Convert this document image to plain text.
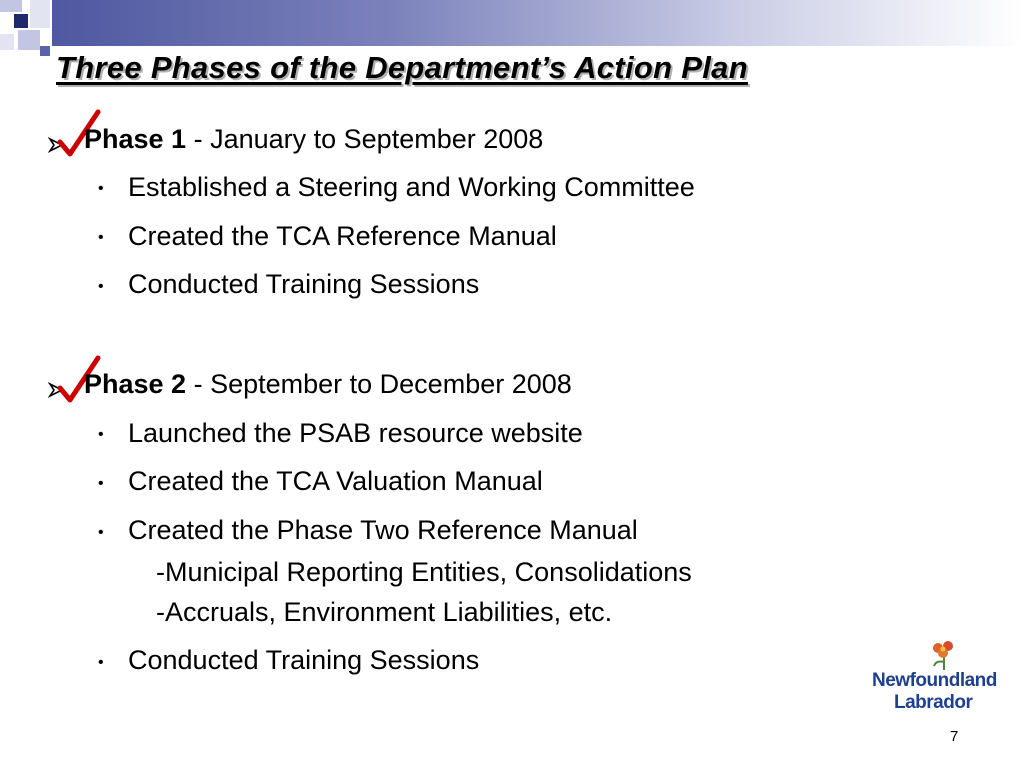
Three Phases of the Department’s Action Plan
Phase 1 - January to September 2008
• Established a Steering and Working Committee
• Created the TCA Reference Manual
• Conducted Training Sessions
Phase 2 - September to December 2008
• Launched the PSAB resource website
• Created the TCA Valuation Manual
• Created the Phase Two Reference Manual
-Municipal Reporting Entities, Consolidations
-Accruals, Environment Liabilities, etc.
• Conducted Training Sessions
Newfoundland
Labrador
7
